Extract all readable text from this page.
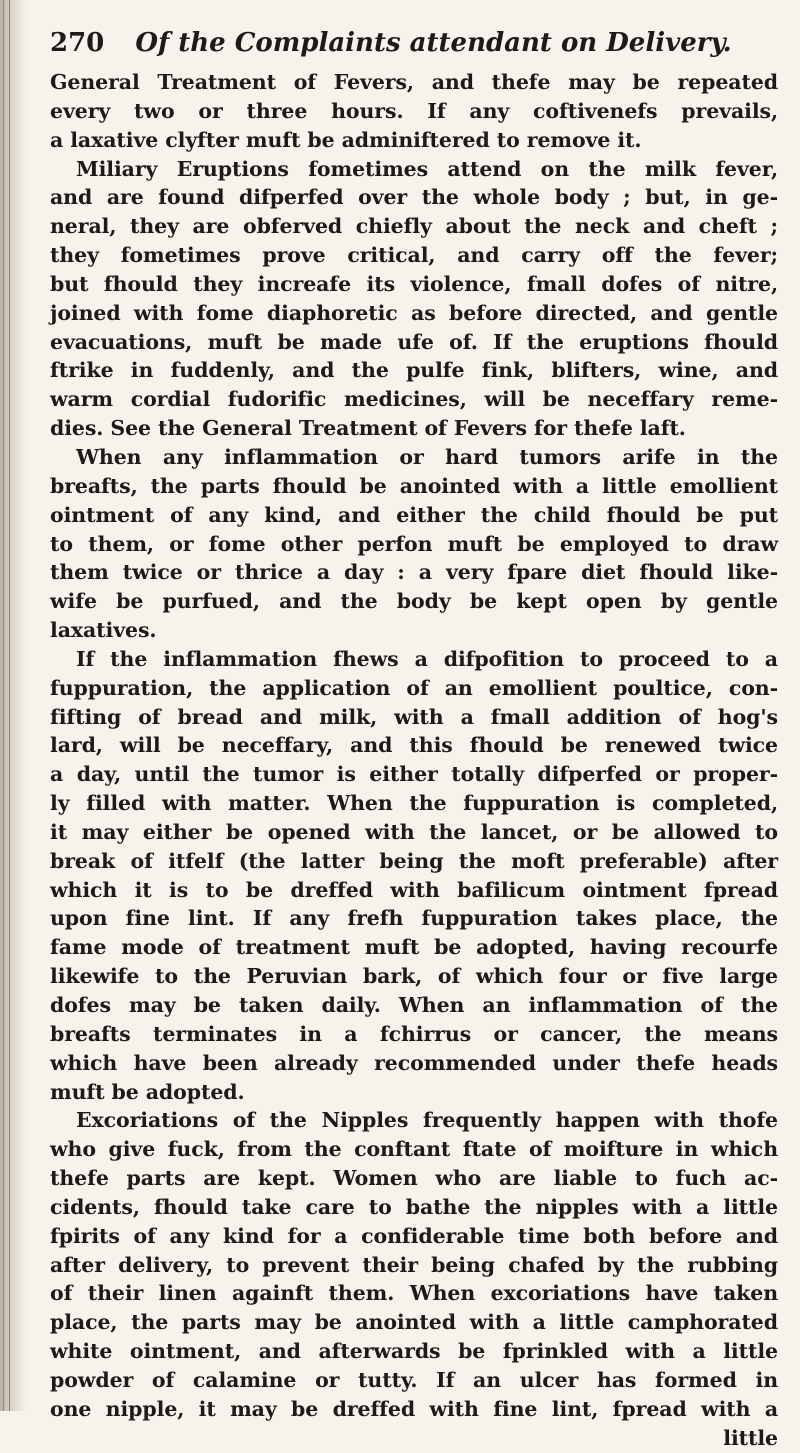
270 Of the Complaints attendant on Delivery.
General Treatment of Fevers, and thefe may be repeated
every two or three hours. If any coftivenefs prevails,
a laxative clyfter muft be adminiftered to remove it.
Miliary Eruptions fometimes attend on the milk fever,
and are found difperfed over the whole body ; but, in ge-
neral, they are obferved chiefly about the neck and cheft ;
they fometimes prove critical, and carry off the fever;
but fhould they increafe its violence, fmall dofes of nitre,
joined with fome diaphoretic as before directed, and gentle
evacuations, muft be made ufe of. If the eruptions fhould
ftrike in fuddenly, and the pulfe fink, blifters, wine, and
warm cordial fudorific medicines, will be neceffary reme-
dies. See the General Treatment of Fevers for thefe laft.
When any inflammation or hard tumors arife in the
breafts, the parts fhould be anointed with a little emollient
ointment of any kind, and either the child fhould be put
to them, or fome other perfon muft be employed to draw
them twice or thrice a day : a very fpare diet fhould like-
wife be purfued, and the body be kept open by gentle
laxatives.
If the inflammation fhews a difpofition to proceed to a
fuppuration, the application of an emollient poultice, con-
fifting of bread and milk, with a fmall addition of hog's
lard, will be neceffary, and this fhould be renewed twice
a day, until the tumor is either totally difperfed or proper-
ly filled with matter. When the fuppuration is completed,
it may either be opened with the lancet, or be allowed to
break of itfelf (the latter being the moft preferable) after
which it is to be dreffed with bafilicum ointment fpread
upon fine lint. If any frefh fuppuration takes place, the
fame mode of treatment muft be adopted, having recourfe
likewife to the Peruvian bark, of which four or five large
dofes may be taken daily. When an inflammation of the
breafts terminates in a fchirrus or cancer, the means
which have been already recommended under thefe heads
muft be adopted.
Excoriations of the Nipples frequently happen with thofe
who give fuck, from the conftant ftate of moifture in which
thefe parts are kept. Women who are liable to fuch ac-
cidents, fhould take care to bathe the nipples with a little
fpirits of any kind for a confiderable time both before and
after delivery, to prevent their being chafed by the rubbing
of their linen againft them. When excoriations have taken
place, the parts may be anointed with a little camphorated
white ointment, and afterwards be fprinkled with a little
powder of calamine or tutty. If an ulcer has formed in
one nipple, it may be dreffed with fine lint, fpread with a
little
